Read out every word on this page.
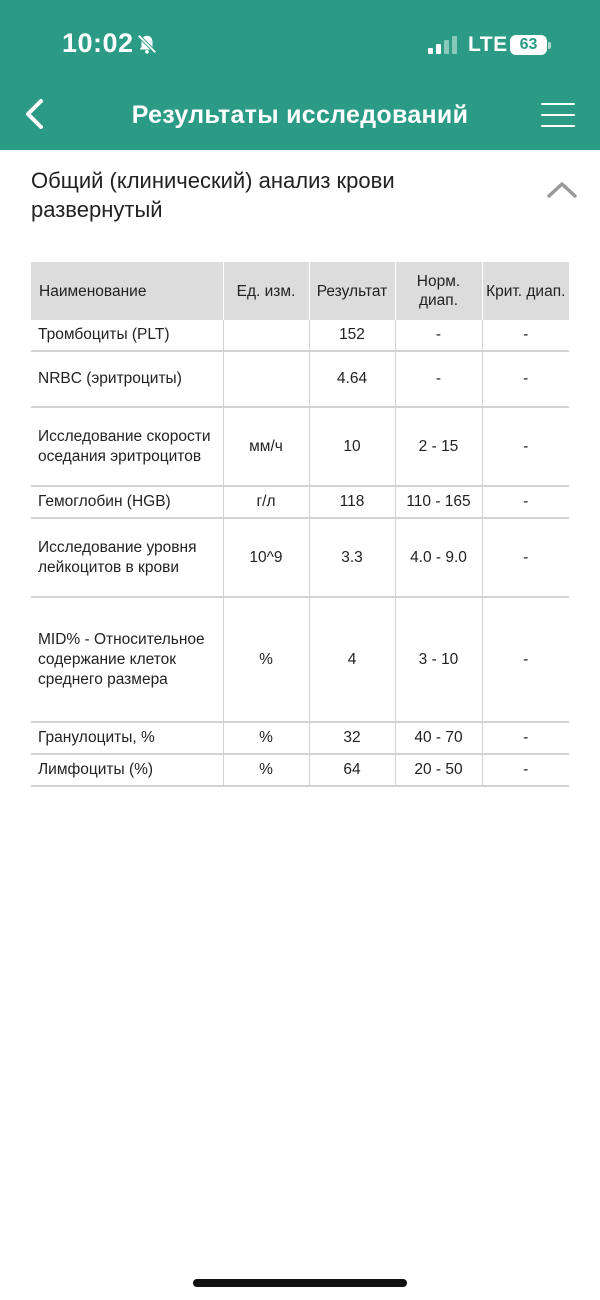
10:02	LTE 63
Результаты исследований
Общий (клинический) анализ крови развернутый
Наименование	Ед. изм.	Результат	Норм. диап.	Крит. диап.
Тромбоциты (PLT)		152	-	-
NRBC (эритроциты)		4.64	-	-
Исследование скорости оседания эритроцитов	мм/ч	10	2 - 15	-
Гемоглобин (HGB)	г/л	118	110 - 165	-
Исследование уровня лейкоцитов в крови	10^9	3.3	4.0 - 9.0	-
MID% - Относительное содержание клеток среднего размера	%	4	3 - 10	-
Гранулоциты, %	%	32	40 - 70	-
Лимфоциты (%)	%	64	20 - 50	-
